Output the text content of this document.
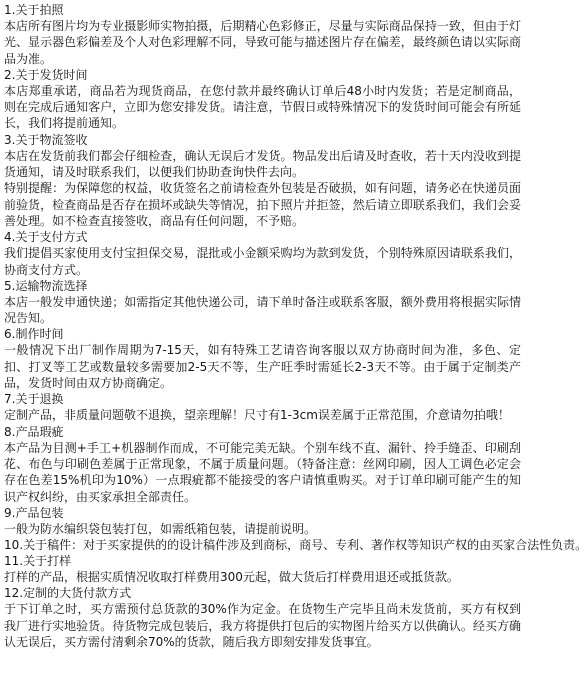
1.关于拍照
本店所有图片均为专业摄影师实物拍摄，后期精心色彩修正，尽量与实际商品保持一致，但由于灯光、显示器色彩偏差及个人对色彩理解不同，导致可能与描述图片存在偏差，最终颜色请以实际商品为准。
2.关于发货时间
本店郑重承诺，商品若为现货商品，在您付款并最终确认订单后48小时内发货；若是定制商品，则在完成后通知客户，立即为您安排发货。请注意，节假日或特殊情况下的发货时间可能会有所延长，我们将提前通知。
3.关于物流签收
本店在发货前我们都会仔细检查，确认无误后才发货。物品发出后请及时查收，若十天内没收到提货通知，请及时联系我们，以便我们协助查询快件去向。
特别提醒：为保障您的权益，收货签名之前请检查外包装是否破损，如有问题，请务必在快递员面前验货，检查商品是否存在损坏或缺失等情况，拍下照片并拒签，然后请立即联系我们，我们会妥善处理。如不检查直接签收，商品有任何问题，不予赔。
4.关于支付方式
我们提倡买家使用支付宝担保交易，混批或小金额采购均为款到发货，个别特殊原因请联系我们，协商支付方式。
5.运输物流选择
本店一般发申通快递；如需指定其他快递公司，请下单时备注或联系客服，额外费用将根据实际情况告知。
6.制作时间
一般情况下出厂制作周期为7-15天，如有特殊工艺请咨询客服以双方协商时间为准，多色、定扣、打叉等工艺或数量较多需要加2-5天不等，生产旺季时需延长2-3天不等。由于属于定制类产品，发货时间由双方协商确定。
7.关于退换
定制产品，非质量问题敬不退换，望亲理解！尺寸有1-3cm误差属于正常范围，介意请勿拍哦！
8.产品瑕疵
本产品为目测+手工+机器制作而成，不可能完美无缺。个别车线不直、漏针、拎手缝歪、印刷刮花、布色与印刷色差属于正常现象，不属于质量问题。（特备注意：丝网印刷，因人工调色必定会存在色差15%机印为10%）一点瑕疵都不能接受的客户请慎重购买。对于订单印刷可能产生的知识产权纠纷，由买家承担全部责任。
9.产品包装
一般为防水编织袋包装打包，如需纸箱包装，请提前说明。
10.关于稿件：对于买家提供的的设计稿件涉及到商标，商号、专利、著作权等知识产权的由买家合法性负责。
11.关于打样
打样的产品，根据实质情况收取打样费用300元起，做大货后打样费用退还或抵货款。
12.定制的大货付款方式
于下订单之时，买方需预付总货款的30%作为定金。在货物生产完毕且尚未发货前，买方有权到我厂进行实地验货。待货物完成包装后，我方将提供打包后的实物图片给买方以供确认。经买方确认无误后，买方需付清剩余70%的货款，随后我方即刻安排发货事宜。
